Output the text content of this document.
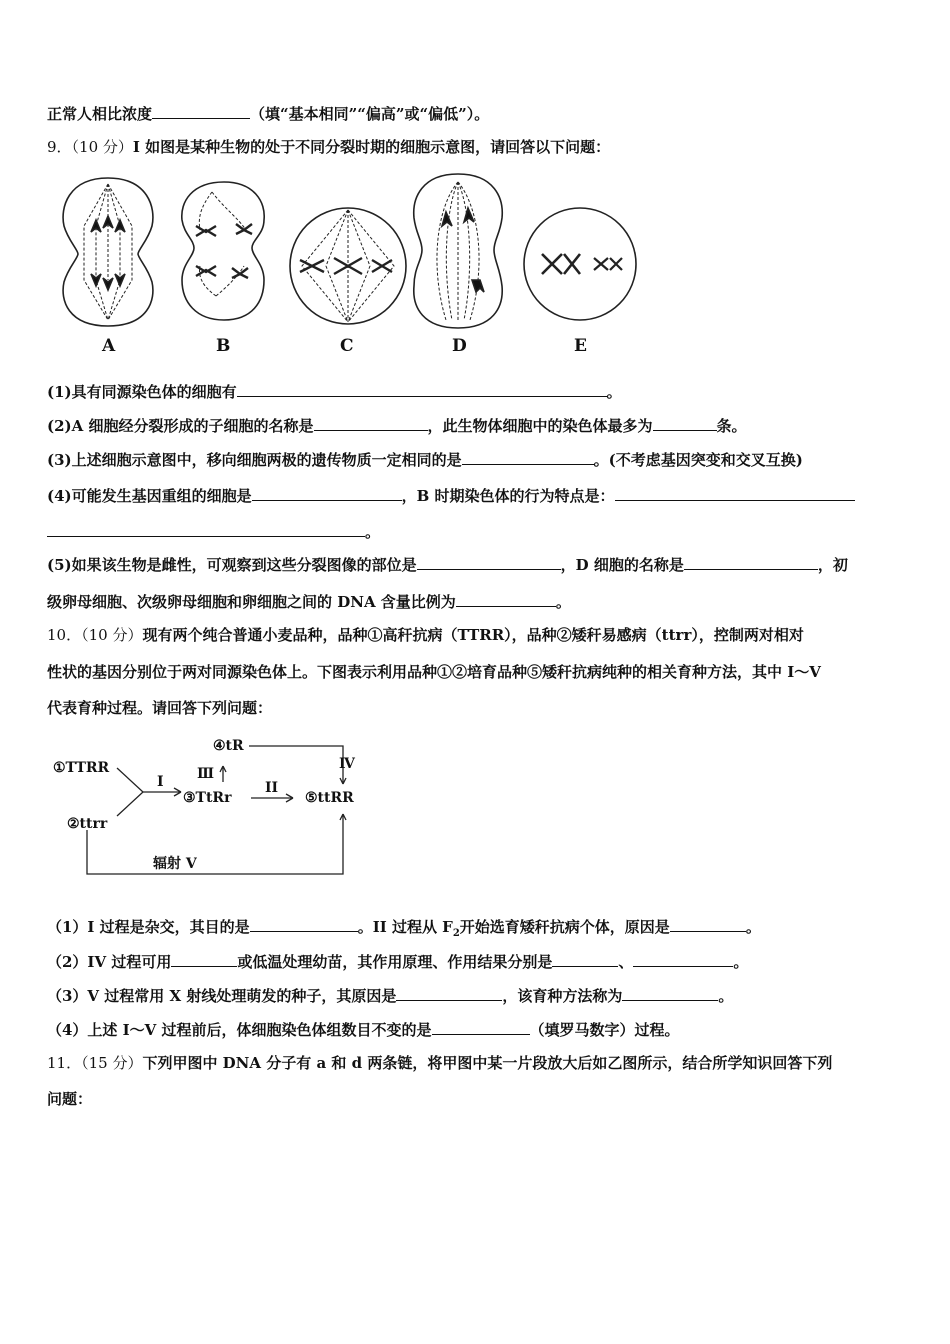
正常人相比浓度	（填“基本相同”“偏高”或“偏低”）。
9．（10 分）I 如图是某种生物的处于不同分裂时期的细胞示意图，请回答以下问题：
A	B	C	D	E
(1)具有同源染色体的细胞有	。
(2)A 细胞经分裂形成的子细胞的名称是	，此生物体细胞中的染色体最多为	条。
(3)上述细胞示意图中，移向细胞两极的遗传物质一定相同的是	。(不考虑基因突变和交叉互换)
(4)可能发生基因重组的细胞是	，B 时期染色体的行为特点是：
。
(5)如果该生物是雌性，可观察到这些分裂图像的部位是	，D 细胞的名称是	，初
级卵母细胞、次级卵母细胞和卵细胞之间的 DNA 含量比例为	。
10．（10 分）现有两个纯合普通小麦品种，品种①高秆抗病（TTRR），品种②矮秆易感病（ttrr），控制两对相对
性状的基因分别位于两对同源染色体上。下图表示利用品种①②培育品种⑤矮秆抗病纯种的相关育种方法，其中 I～V
代表育种过程。请回答下列问题：
①TTRR
②ttrr
③TtRr
④tR
⑤ttRR
I	II
Ⅲ
Ⅳ
辐射 V
（1）I 过程是杂交，其目的是	。II 过程从 $F_2$开始选育矮秆抗病个体，原因是	。
（2）IV 过程可用	或低温处理幼苗，其作用原理、作用结果分别是	、	。
（3）V 过程常用 X 射线处理萌发的种子，其原因是	，该育种方法称为	。
（4）上述 I～V 过程前后，体细胞染色体组数目不变的是	（填罗马数字）过程。
11．（15 分）下列甲图中 DNA 分子有 a 和 d 两条链，将甲图中某一片段放大后如乙图所示，结合所学知识回答下列
问题：
